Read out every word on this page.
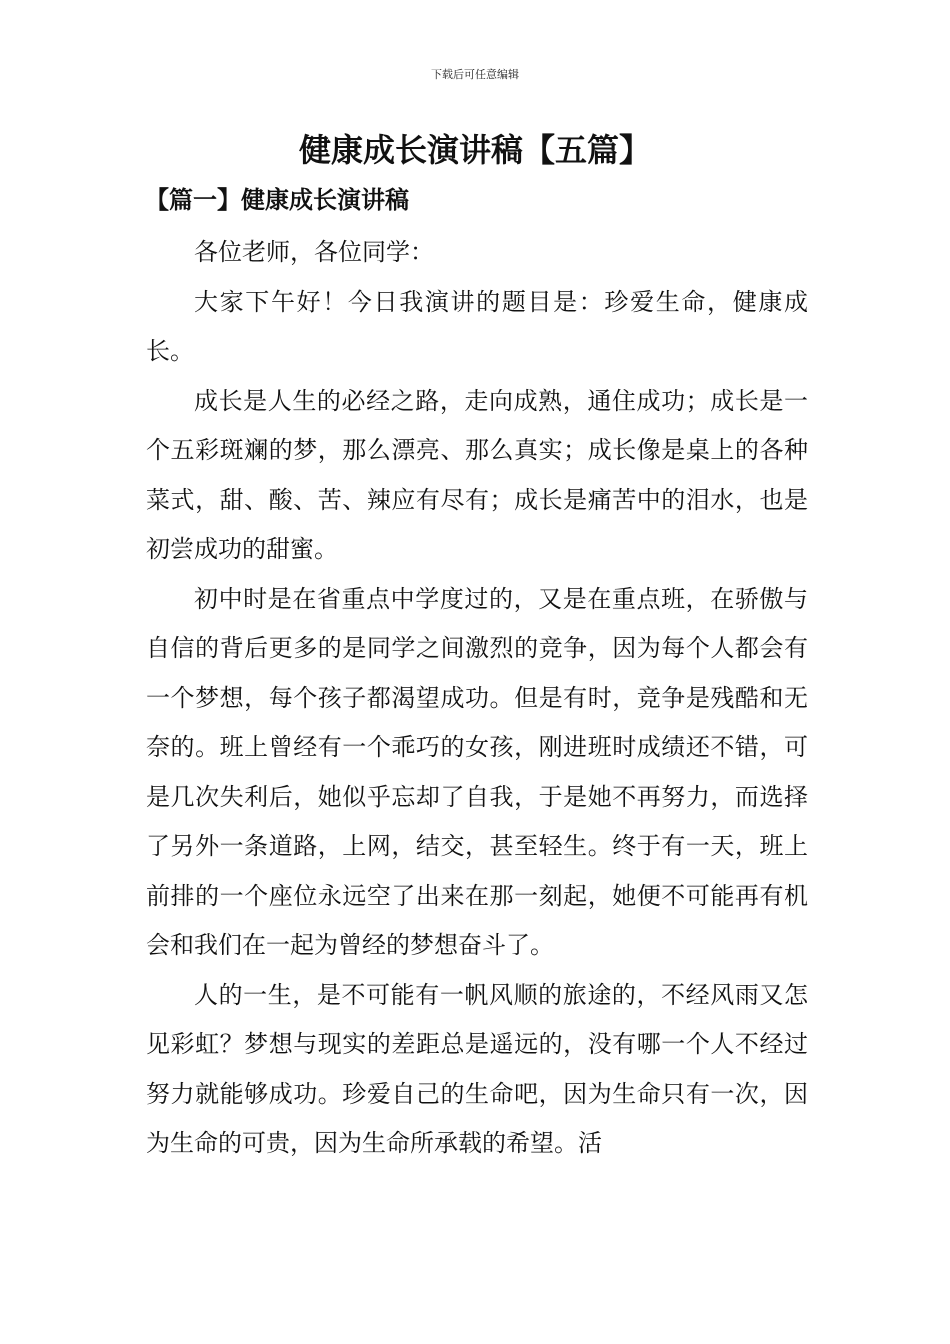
下载后可任意编辑
健康成长演讲稿【五篇】
【篇一】健康成长演讲稿

各位老师，各位同学：

大家下午好！今日我演讲的题目是：珍爱生命，健康成长。

成长是人生的必经之路，走向成熟，通住成功；成长是一个五彩斑斓的梦，那么漂亮、那么真实；成长像是桌上的各种菜式，甜、酸、苦、辣应有尽有；成长是痛苦中的泪水，也是初尝成功的甜蜜。

初中时是在省重点中学度过的，又是在重点班，在骄傲与自信的背后更多的是同学之间激烈的竞争，因为每个人都会有一个梦想，每个孩子都渴望成功。但是有时，竞争是残酷和无奈的。班上曾经有一个乖巧的女孩，刚进班时成绩还不错，可是几次失利后，她似乎忘却了自我，于是她不再努力，而选择了另外一条道路，上网，结交，甚至轻生。终于有一天，班上前排的一个座位永远空了出来在那一刻起，她便不可能再有机会和我们在一起为曾经的梦想奋斗了。

人的一生，是不可能有一帆风顺的旅途的，不经风雨又怎见彩虹？梦想与现实的差距总是遥远的，没有哪一个人不经过努力就能够成功。珍爱自己的生命吧，因为生命只有一次，因为生命的可贵，因为生命所承载的希望。活
